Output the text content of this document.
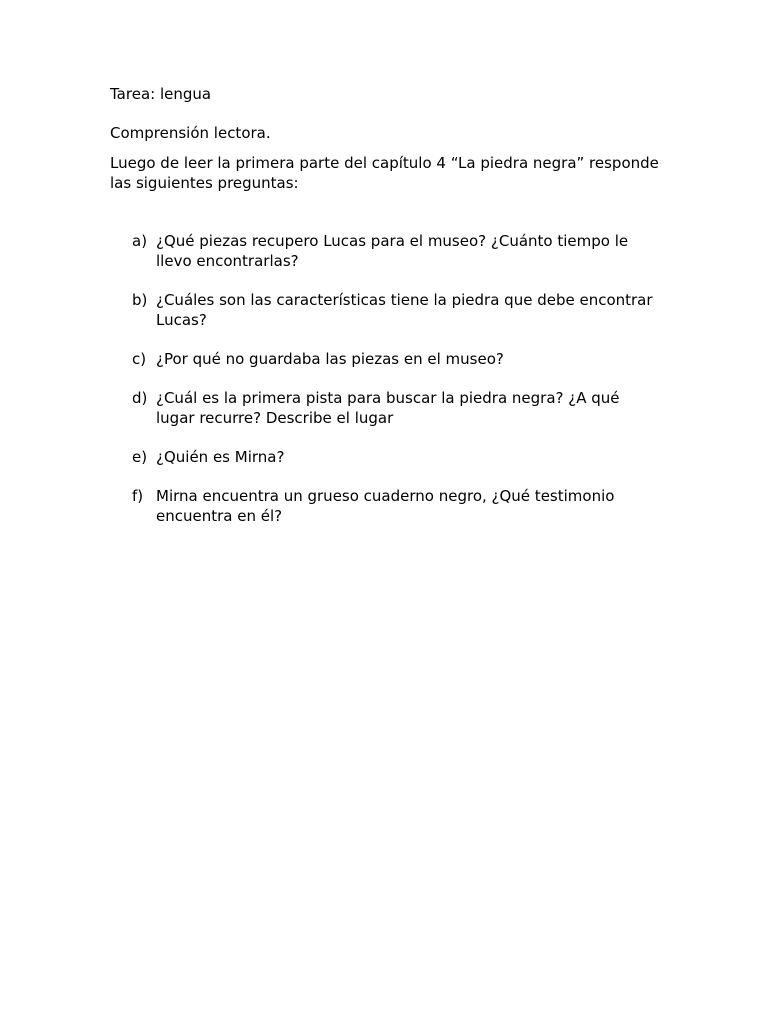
Tarea: lengua

Comprensión lectora.

Luego de leer la primera parte del capítulo 4 “La piedra negra” responde las siguientes preguntas:

a) ¿Qué piezas recupero Lucas para el museo? ¿Cuánto tiempo le llevo encontrarlas?
b) ¿Cuáles son las características tiene la piedra que debe encontrar Lucas?
c) ¿Por qué no guardaba las piezas en el museo?
d) ¿Cuál es la primera pista para buscar la piedra negra? ¿A qué lugar recurre? Describe el lugar
e) ¿Quién es Mirna?
f) Mirna encuentra un grueso cuaderno negro, ¿Qué testimonio encuentra en él?
